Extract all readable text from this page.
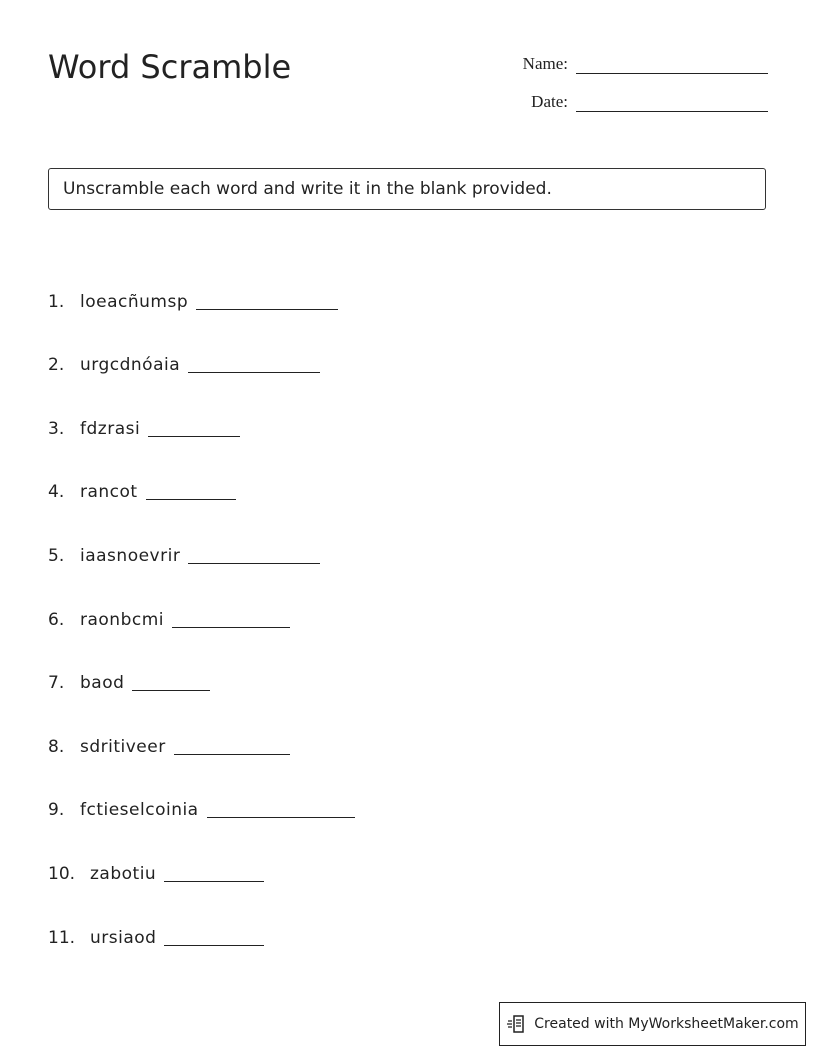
Word Scramble	Name:
Date:
Unscramble each word and write it in the blank provided.
1. loeacñumsp
2. urgcdnóaia
3. fdzrasi
4. rancot
5. iaasnoevrir
6. raonbcmi
7. baod
8. sdritiveer
9. fctieselcoinia
10. zabotiu
11. ursiaod
Created with MyWorksheetMaker.com
